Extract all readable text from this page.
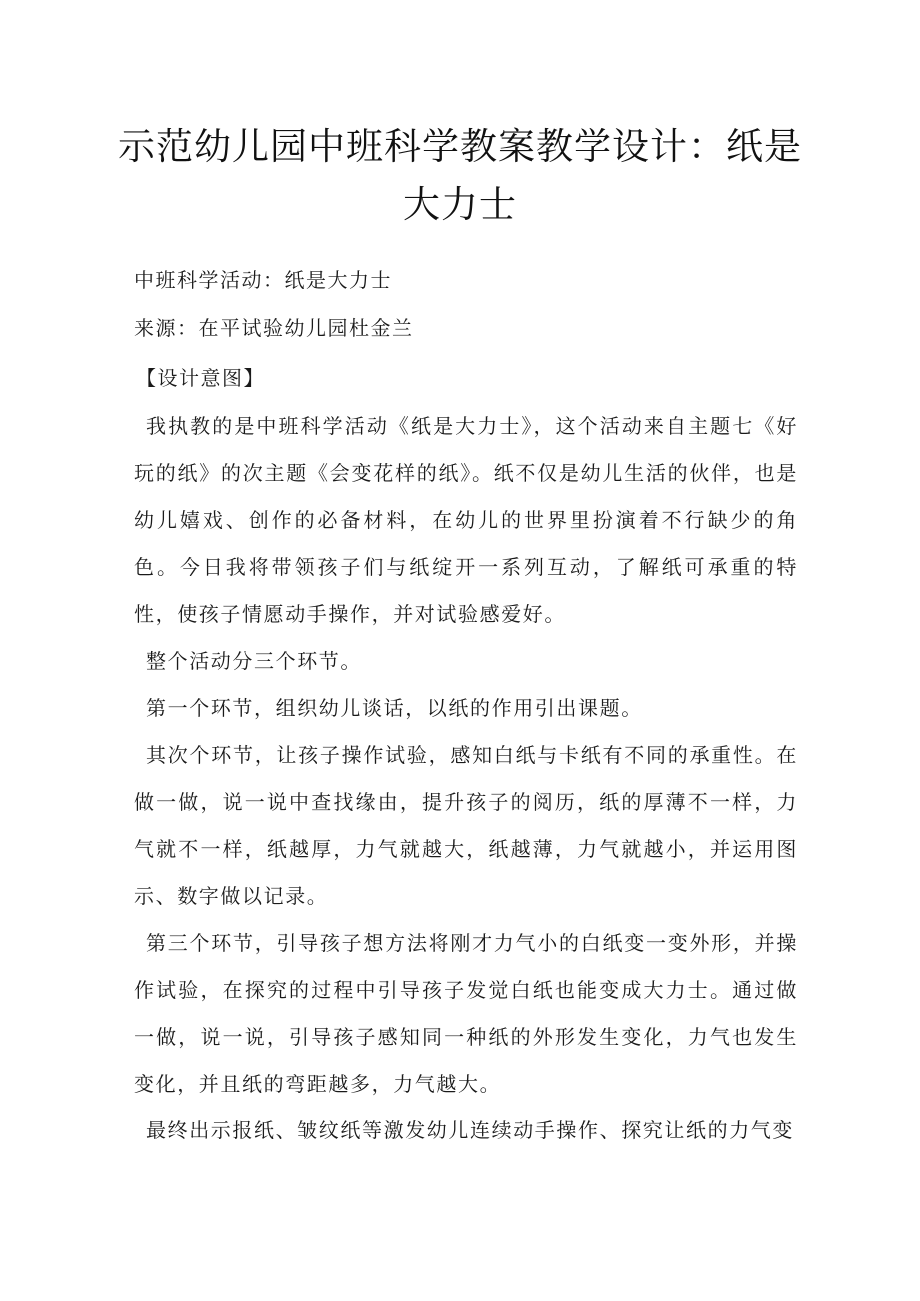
示范幼儿园中班科学教案教学设计：纸是大力士

中班科学活动：纸是大力士

来源：在平试验幼儿园杜金兰

【设计意图】

我执教的是中班科学活动《纸是大力士》，这个活动来自主题七《好玩的纸》的次主题《会变花样的纸》。纸不仅是幼儿生活的伙伴，也是幼儿嬉戏、创作的必备材料，在幼儿的世界里扮演着不行缺少的角色。今日我将带领孩子们与纸绽开一系列互动，了解纸可承重的特性，使孩子情愿动手操作，并对试验感爱好。

整个活动分三个环节。

第一个环节，组织幼儿谈话，以纸的作用引出课题。

其次个环节，让孩子操作试验，感知白纸与卡纸有不同的承重性。在做一做，说一说中查找缘由，提升孩子的阅历，纸的厚薄不一样，力气就不一样，纸越厚，力气就越大，纸越薄，力气就越小，并运用图示、数字做以记录。

第三个环节，引导孩子想方法将刚才力气小的白纸变一变外形，并操作试验，在探究的过程中引导孩子发觉白纸也能变成大力士。通过做一做，说一说，引导孩子感知同一种纸的外形发生变化，力气也发生变化，并且纸的弯距越多，力气越大。

最终出示报纸、皱纹纸等激发幼儿连续动手操作、探究让纸的力气变
